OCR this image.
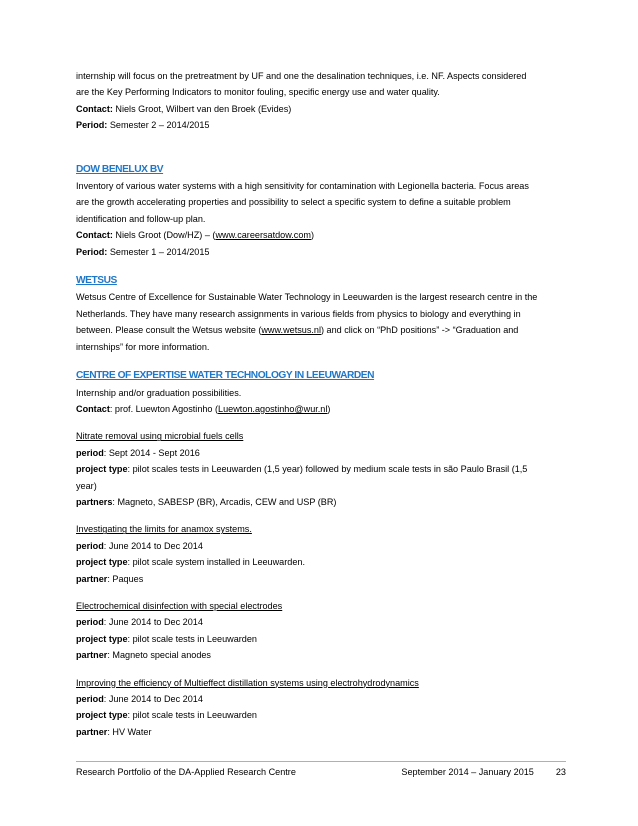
internship will focus on the pretreatment by UF and one the desalination techniques, i.e. NF. Aspects considered

are the Key Performing Indicators to monitor fouling, specific energy use and water quality.

Contact: Niels Groot, Wilbert van den Broek (Evides)

Period: Semester 2 – 2014/2015

DOW BENELUX BV

Inventory of various water systems with a high sensitivity for contamination with Legionella bacteria. Focus areas

are the growth accelerating properties and possibility to select a specific system to define a suitable problem

identification and follow-up plan.

Contact: Niels Groot (Dow/HZ) – (www.careersatdow.com)

Period: Semester 1 – 2014/2015

WETSUS

Wetsus Centre of Excellence for Sustainable Water Technology in Leeuwarden is the largest research centre in the

Netherlands. They have many research assignments in various fields from physics to biology and everything in

between. Please consult the Wetsus website (www.wetsus.nl) and click on “PhD positions” -> “Graduation and

internships” for more information.

CENTRE OF EXPERTISE WATER TECHNOLOGY IN LEEUWARDEN

Internship and/or graduation possibilities.

Contact: prof. Luewton Agostinho (Luewton.agostinho@wur.nl)

Nitrate removal using microbial fuels cells

period: Sept 2014 - Sept 2016

project type: pilot scales tests in Leeuwarden (1,5 year) followed by medium scale tests in são Paulo Brasil (1,5

year)

partners: Magneto, SABESP (BR), Arcadis, CEW and USP (BR)

Investigating the limits for anamox systems.

period: June 2014 to Dec 2014

project type: pilot scale system installed in Leeuwarden.

partner: Paques

Electrochemical disinfection with special electrodes

period: June 2014 to Dec 2014

project type: pilot scale tests in Leeuwarden

partner: Magneto special anodes

Improving the efficiency of Multieffect distillation systems using electrohydrodynamics

period: June 2014 to Dec 2014

project type: pilot scale tests in Leeuwarden

partner: HV Water

Research Portfolio of the DA-Applied Research Centre	September 2014 – January 2015 23
